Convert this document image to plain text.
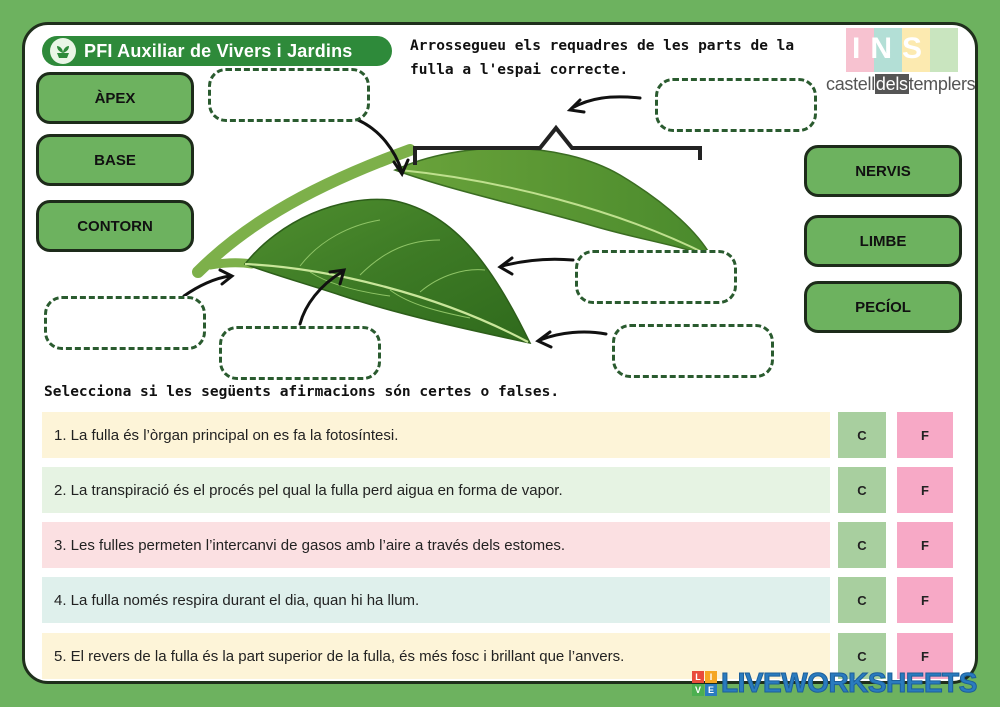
PFI Auxiliar de Vivers i Jardins	Arrossegueu els requadres de les parts de la fulla a l'espai correcte.
INS
castelldelstemplers
ÀPEX
BASE
CONTORN
NERVIS
LIMBE
PECÍOL
Selecciona si les següents afirmacions són certes o falses.
1. La fulla és l’òrgan principal on es fa la fotosíntesi.	C	F
2. La transpiració és el procés pel qual la fulla perd aigua en forma de vapor.	C	F
3. Les fulles permeten l’intercanvi de gasos amb l’aire a través dels estomes.	C	F
4. La fulla només respira durant el dia, quan hi ha llum.	C	F
5. El revers de la fulla és la part superior de la fulla, és més fosc i brillant que l’anvers.	C	F
L I
V E LIVEWORKSHEETS
